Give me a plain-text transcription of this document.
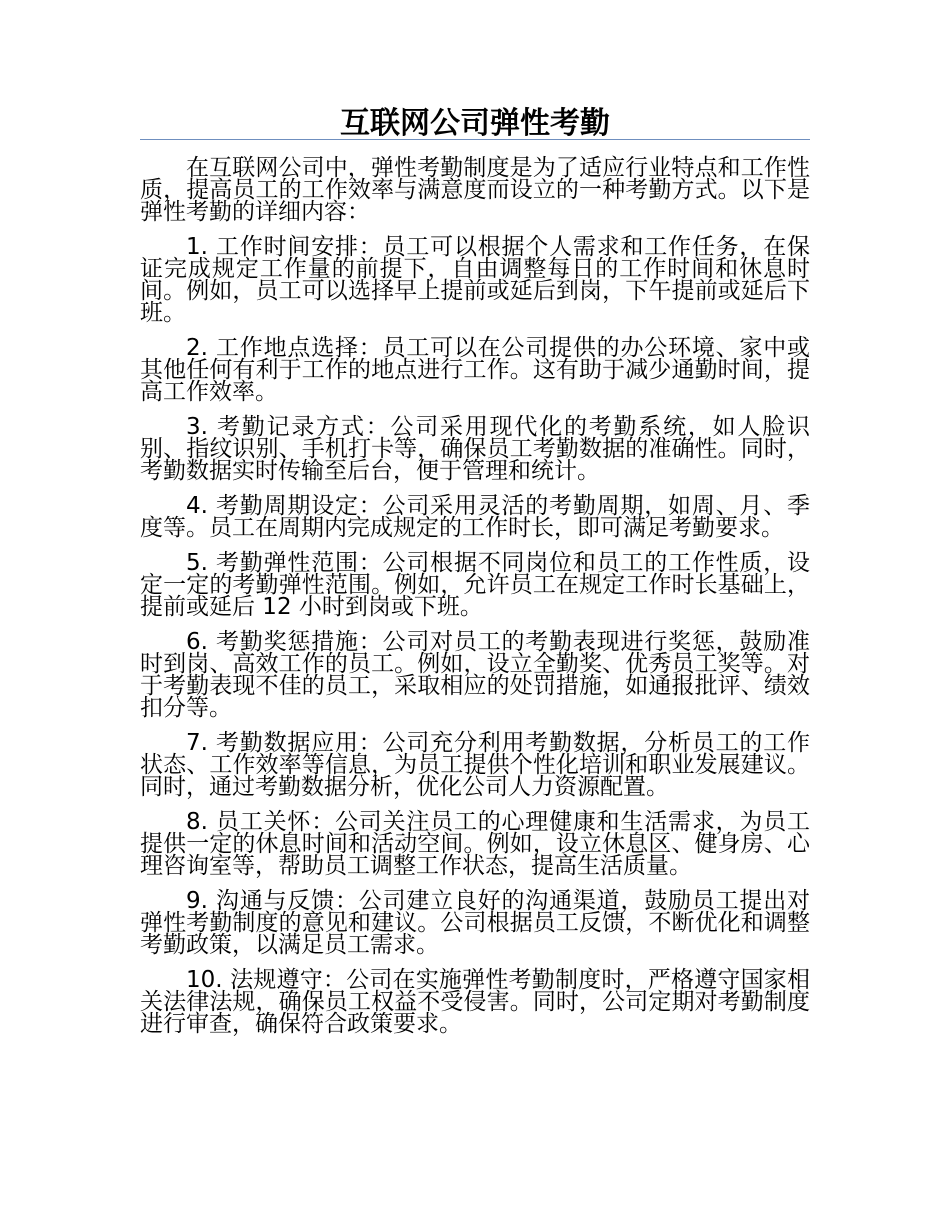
互联网公司弹性考勤

在互联网公司中，弹性考勤制度是为了适应行业特点和工作性质，提高员工的工作效率与满意度而设立的一种考勤方式。以下是弹性考勤的详细内容：

1. 工作时间安排：员工可以根据个人需求和工作任务，在保证完成规定工作量的前提下，自由调整每日的工作时间和休息时间。例如，员工可以选择早上提前或延后到岗，下午提前或延后下班。

2. 工作地点选择：员工可以在公司提供的办公环境、家中或其他任何有利于工作的地点进行工作。这有助于减少通勤时间，提高工作效率。

3. 考勤记录方式：公司采用现代化的考勤系统，如人脸识别、指纹识别、手机打卡等，确保员工考勤数据的准确性。同时，考勤数据实时传输至后台，便于管理和统计。

4. 考勤周期设定：公司采用灵活的考勤周期，如周、月、季度等。员工在周期内完成规定的工作时长，即可满足考勤要求。

5. 考勤弹性范围：公司根据不同岗位和员工的工作性质，设定一定的考勤弹性范围。例如，允许员工在规定工作时长基础上，提前或延后 12 小时到岗或下班。

6. 考勤奖惩措施：公司对员工的考勤表现进行奖惩，鼓励准时到岗、高效工作的员工。例如，设立全勤奖、优秀员工奖等。对于考勤表现不佳的员工，采取相应的处罚措施，如通报批评、绩效扣分等。

7. 考勤数据应用：公司充分利用考勤数据，分析员工的工作状态、工作效率等信息，为员工提供个性化培训和职业发展建议。同时，通过考勤数据分析，优化公司人力资源配置。

8. 员工关怀：公司关注员工的心理健康和生活需求，为员工提供一定的休息时间和活动空间。例如，设立休息区、健身房、心理咨询室等，帮助员工调整工作状态，提高生活质量。

9. 沟通与反馈：公司建立良好的沟通渠道，鼓励员工提出对弹性考勤制度的意见和建议。公司根据员工反馈，不断优化和调整考勤政策，以满足员工需求。

10. 法规遵守：公司在实施弹性考勤制度时，严格遵守国家相关法律法规，确保员工权益不受侵害。同时，公司定期对考勤制度进行审查，确保符合政策要求。
